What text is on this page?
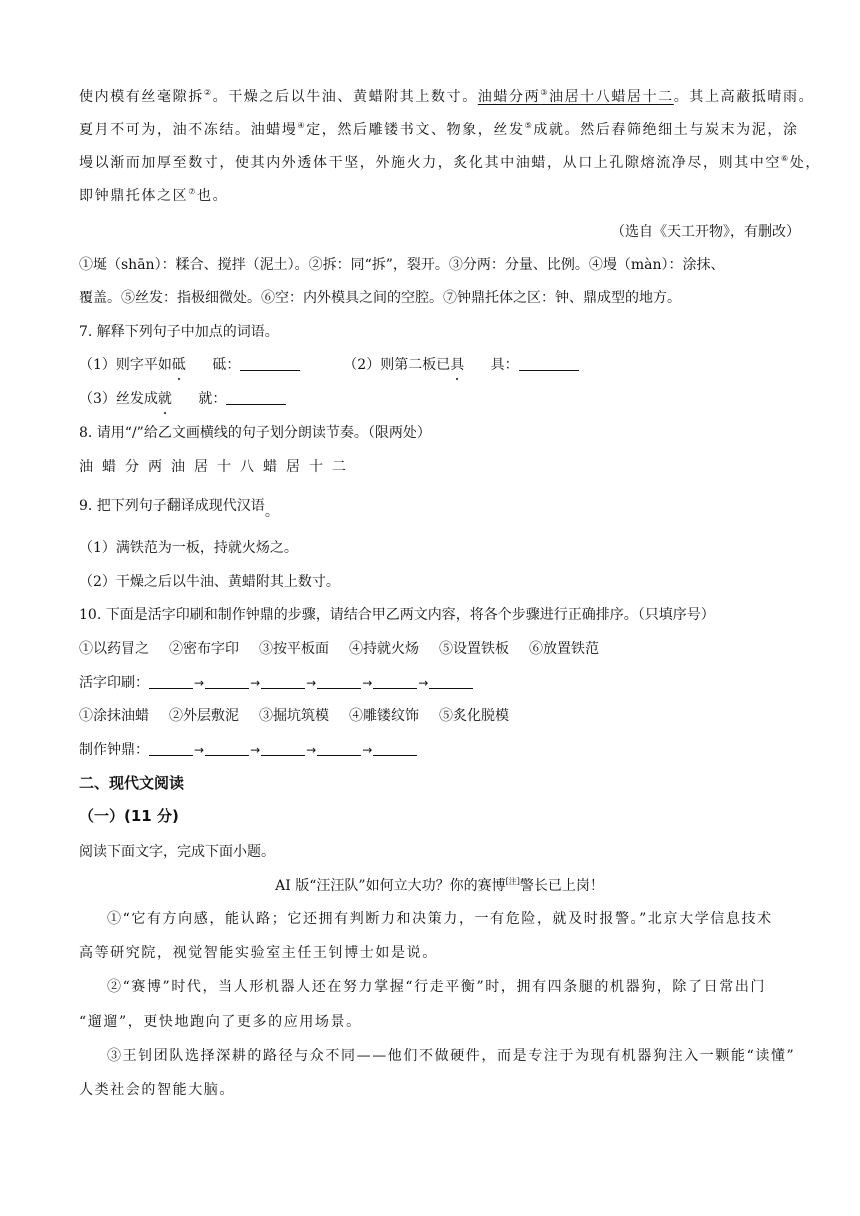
使内模有丝毫隙拆②。干燥之后以牛油、黄蜡附其上数寸。油蜡分两③油居十八蜡居十二。其上高蔽抵晴雨。
夏月不可为，油不冻结。油蜡墁④定，然后雕镂书文、物象，丝发⑤成就。然后舂筛绝细土与炭末为泥，涂
墁以渐而加厚至数寸，使其内外透体干坚，外施火力，炙化其中油蜡，从口上孔隙熔流净尽，则其中空⑥处，
即钟鼎托体之区⑦也。
（选自《天工开物》，有删改）
①埏（shān）：糅合、搅拌（泥土）。②拆：同“拆”，裂开。③分两：分量、比例。④墁（màn）：涂抹、
覆盖。⑤丝发：指极细微处。⑥空：内外模具之间的空腔。⑦钟鼎托体之区：钟、鼎成型的地方。
7. 解释下列句子中加点的词语。
（1）则字平如砥 砥：	（2）则第二板已具 具：
（3）丝发成就 就：
8. 请用“/”给乙文画横线的句子划分朗读节奏。（限两处）
油 蜡 分 两 油 居 十 八 蜡 居 十 二
9. 把下列句子翻译成现代汉语。
（1）满铁范为一板，持就火炀之。
（2）干燥之后以牛油、黄蜡附其上数寸。
10. 下面是活字印刷和制作钟鼎的步骤，请结合甲乙两文内容，将各个步骤进行正确排序。（只填序号）
①以药冒之 ②密布字印 ③按平板面 ④持就火炀 ⑤设置铁板 ⑥放置铁范
活字印刷：	→	→	→	→	→
①涂抹油蜡 ②外层敷泥 ③掘坑筑模 ④雕镂纹饰 ⑤炙化脱模
制作钟鼎：	→	→	→	→
二、现代文阅读
（一）(11 分)
阅读下面文字，完成下面小题。
AI 版“汪汪队”如何立大功？你的赛博[注]警长已上岗！
①“它有方向感，能认路；它还拥有判断力和决策力，一有危险，就及时报警。”北京大学信息技术
高等研究院，视觉智能实验室主任王钊博士如是说。
②“赛博”时代，当人形机器人还在努力掌握“行走平衡”时，拥有四条腿的机器狗，除了日常出门
“遛遛”，更快地跑向了更多的应用场景。
③王钊团队选择深耕的路径与众不同——他们不做硬件，而是专注于为现有机器狗注入一颗能“读懂”
人类社会的智能大脑。
